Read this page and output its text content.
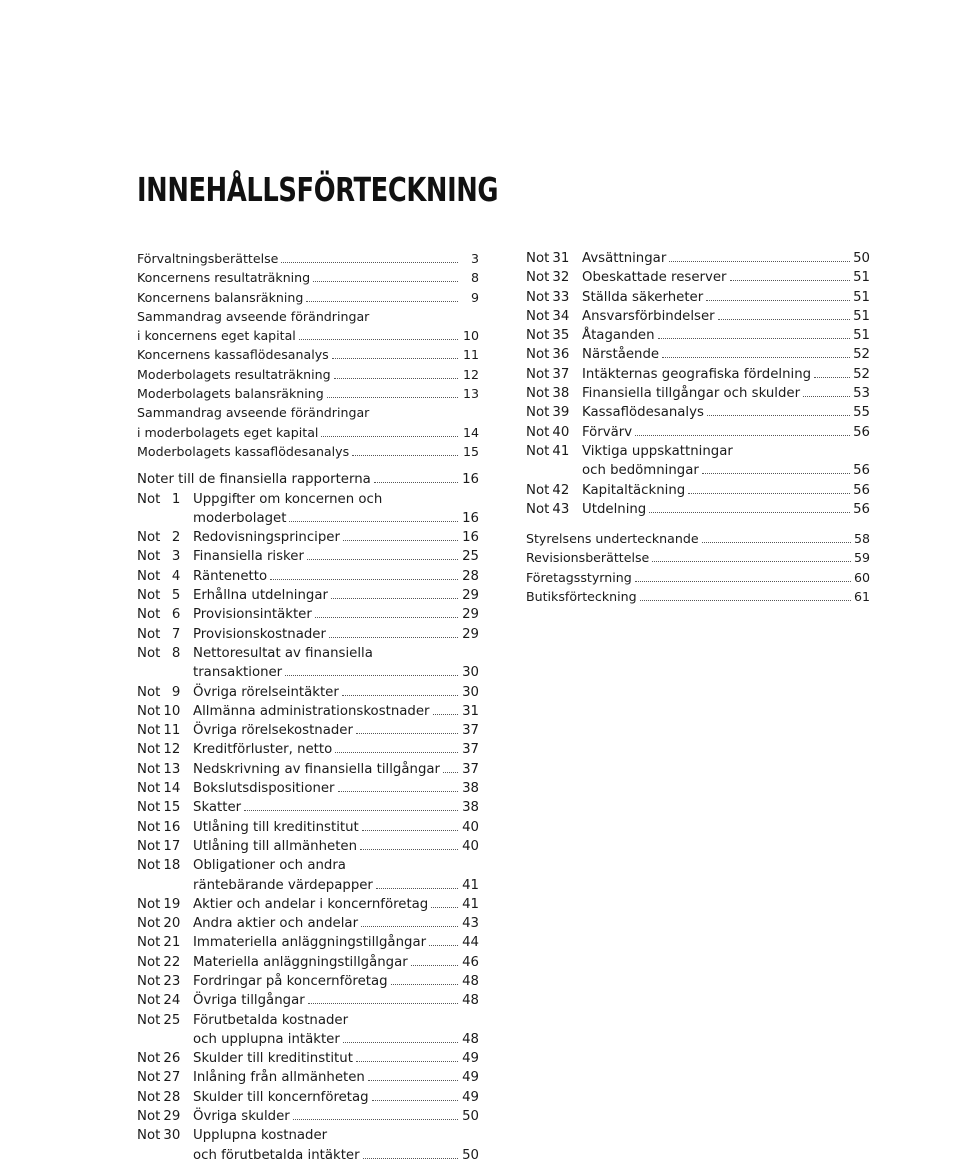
INNEHÅLLSFÖRTECKNING
Förvaltningsberättelse	3
Koncernens resultaträkning	8
Koncernens balansräkning	9
Sammandrag avseende förändringar
i koncernens eget kapital	10
Koncernens kassaflödesanalys	11
Moderbolagets resultaträkning	12
Moderbolagets balansräkning	13
Sammandrag avseende förändringar
i moderbolagets eget kapital	14
Moderbolagets kassaflödesanalys	15
Noter till de finansiella rapporterna	16
Not 1 Uppgifter om koncernen och
moderbolaget	16
Not 2 Redovisningsprinciper	16
Not 3 Finansiella risker	25
Not 4 Räntenetto	28
Not 5 Erhållna utdelningar	29
Not 6 Provisionsintäkter	29
Not 7 Provisionskostnader	29
Not 8 Nettoresultat av finansiella
transaktioner	30
Not 9 Övriga rörelseintäkter	30
Not 10 Allmänna administrationskostnader 31
Not 11 Övriga rörelsekostnader	37
Not 12 Kreditförluster, netto	37
Not 13 Nedskrivning av finansiella tillgångar 37
Not 14 Bokslutsdispositioner	38
Not 15 Skatter	38
Not 16 Utlåning till kreditinstitut	40
Not 17 Utlåning till allmänheten	40
Not 18 Obligationer och andra
räntebärande värdepapper	41
Not 19 Aktier och andelar i koncernföretag	41
Not 20 Andra aktier och andelar	43
Not 21 Immateriella anläggningstillgångar	44
Not 22 Materiella anläggningstillgångar	46
Not 23 Fordringar på koncernföretag	48
Not 24 Övriga tillgångar	48
Not 25 Förutbetalda kostnader
och upplupna intäkter	48
Not 26 Skulder till kreditinstitut	49
Not 27 Inlåning från allmänheten	49
Not 28 Skulder till koncernföretag	49
Not 29 Övriga skulder	50
Not 30 Upplupna kostnader
och förutbetalda intäkter	50
Not 31 Avsättningar	50
Not 32 Obeskattade reserver	51
Not 33 Ställda säkerheter	51
Not 34 Ansvarsförbindelser	51
Not 35 Åtaganden	51
Not 36 Närstående	52
Not 37 Intäkternas geografiska fördelning	52
Not 38 Finansiella tillgångar och skulder	53
Not 39 Kassaflödesanalys	55
Not 40 Förvärv	56
Not 41 Viktiga uppskattningar
och bedömningar	56
Not 42 Kapitaltäckning	56
Not 43 Utdelning	56
Styrelsens undertecknande	58
Revisionsberättelse	59
Företagsstyrning	60
Butiksförteckning	61
